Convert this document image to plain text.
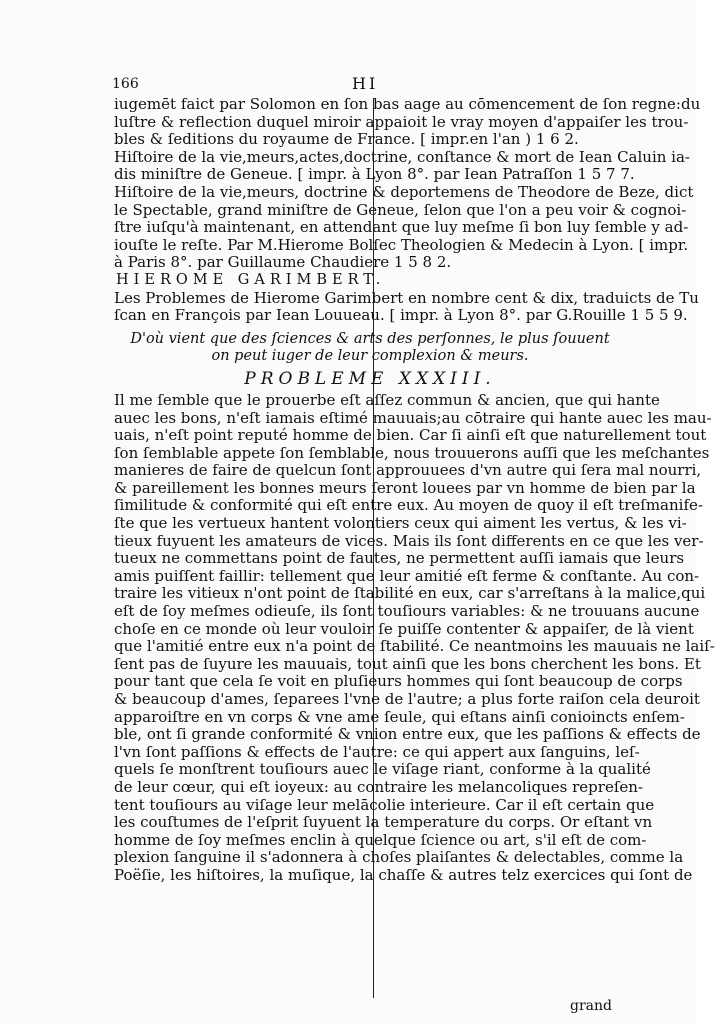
166	HI
iugemēt faict par Solomon en ſon bas aage au cōmencement de ſon regne:du
luſtre & reflection duquel miroir appaioit le vray moyen d'appaiſer les trou-
bles & ſeditions du royaume de France. [ impr.en l'an ) 1 6 2.
Hiſtoire de la vie,meurs,actes,doctrine, conſtance & mort de Iean Caluin ia-
dis miniſtre de Geneue. [ impr. à Lyon 8°. par Iean Patraſſon 1 5 7 7.
Hiſtoire de la vie,meurs, doctrine & deportemens de Theodore de Beze, dict
le Spectable, grand miniſtre de Geneue, ſelon que l'on a peu voir & cognoi-
ſtre iuſqu'à maintenant, en attendant que luy meſme ſi bon luy ſemble y ad-
iouſte le reſte. Par M.Hierome Bolſec Theologien & Medecin à Lyon. [ impr.
à Paris 8°. par Guillaume Chaudiere 1 5 8 2.
HIEROME GARIMBERT.
Les Problemes de Hierome Garimbert en nombre cent & dix, traduicts de Tu
ſcan en François par Iean Louueau. [ impr. à Lyon 8°. par G.Rouille 1 5 5 9.
D'où vient que des ſciences & arts des perſonnes, le plus ſouuent
on peut iuger de leur complexion & meurs.
PROBLEME XXXIII.
Il me ſemble que le prouerbe eſt aſſez commun & ancien, que qui hante
auec les bons, n'eſt iamais eſtimé mauuais;au cōtraire qui hante auec les mau-
uais, n'eſt point reputé homme de bien. Car ſi ainſi eſt que naturellement tout
ſon ſemblable appete ſon ſemblable, nous trouuerons auſſi que les meſchantes
manieres de faire de quelcun ſont approuuees d'vn autre qui ſera mal nourri,
& pareillement les bonnes meurs ſeront louees par vn homme de bien par la
ſimilitude & conformité qui eſt entre eux. Au moyen de quoy il eſt treſmanife-
ſte que les vertueux hantent volontiers ceux qui aiment les vertus, & les vi-
tieux fuyuent les amateurs de vices. Mais ils ſont differents en ce que les ver-
tueux ne commettans point de fautes, ne permettent auſſi iamais que leurs
amis puiſſent faillir: tellement que leur amitié eſt ferme & conſtante. Au con-
traire les vitieux n'ont point de ſtabilité en eux, car s'arreſtans à la malice,qui
eſt de ſoy meſmes odieuſe, ils ſont touſiours variables: & ne trouuans aucune
choſe en ce monde où leur vouloir ſe puiſſe contenter & appaiſer, de là vient
que l'amitié entre eux n'a point de ſtabilité. Ce neantmoins les mauuais ne laiſ-
ſent pas de ſuyure les mauuais, tout ainſi que les bons cherchent les bons. Et
pour tant que cela ſe voit en pluſieurs hommes qui ſont beaucoup de corps
& beaucoup d'ames, ſeparees l'vne de l'autre; a plus forte raiſon cela deuroit
apparoiſtre en vn corps & vne ame ſeule, qui eſtans ainſi conioincts enſem-
ble, ont ſi grande conformité & vnion entre eux, que les paſſions & effects de
l'vn ſont paſſions & effects de l'autre: ce qui appert aux ſanguins, leſ-
quels ſe monſtrent touſiours auec le viſage riant, conforme à la qualité
de leur cœur, qui eſt ioyeux: au contraire les melancoliques repreſen-
tent touſiours au viſage leur melācolie interieure. Car il eſt certain que
les couſtumes de l'eſprit ſuyuent la temperature du corps. Or eſtant vn
homme de ſoy meſmes enclin à quelque ſcience ou art, s'il eſt de com-
plexion ſanguine il s'adonnera à choſes plaiſantes & delectables, comme la
Poëſie, les hiſtoires, la muſique, la chaſſe & autres telz exercices qui ſont de
grand
